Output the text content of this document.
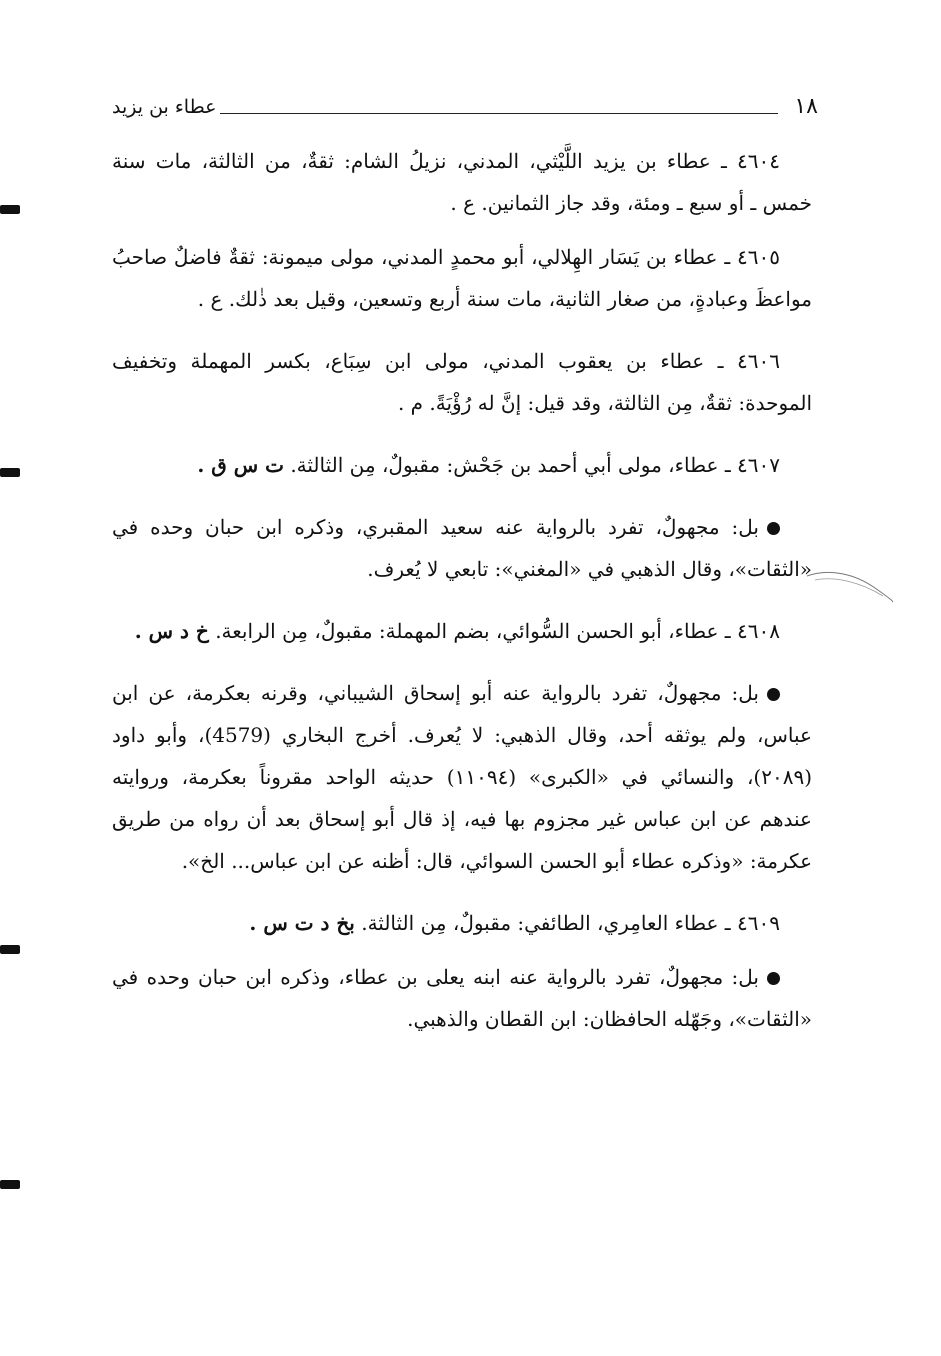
١٨
عطاء بن يزيد

٤٦٠٤ ـ عطاء بن يزيد اللَّيْثي، المدني، نزيلُ الشام: ثقةٌ، من الثالثة، مات سنة خمس ـ أو سبع ـ ومئة، وقد جاز الثمانين. ع .

٤٦٠٥ ـ عطاء بن يَسَار الهِلالي، أبو محمدٍ المدني، مولى ميمونة: ثقةٌ فاضلٌ صاحبُ مواعظَ وعبادةٍ، من صغار الثانية، مات سنة أربع وتسعين، وقيل بعد ذٰلك. ع .

٤٦٠٦ ـ عطاء بن يعقوب المدني، مولى ابن سِبَاع، بكسر المهملة وتخفيف الموحدة: ثقةٌ، مِن الثالثة، وقد قيل: إنَّ له رُؤْيَةً. م .

٤٦٠٧ ـ عطاء، مولى أبي أحمد بن جَحْش: مقبولٌ، مِن الثالثة. ت س ق .

بل: مجهولٌ، تفرد بالرواية عنه سعيد المقبري، وذكره ابن حبان وحده في «الثقات»، وقال الذهبي في «المغني»: تابعي لا يُعرف.

٤٦٠٨ ـ عطاء، أبو الحسن السُّوائي، بضم المهملة: مقبولٌ، مِن الرابعة. خ د س .

بل: مجهولٌ، تفرد بالرواية عنه أبو إسحاق الشيباني، وقرنه بعكرمة، عن ابن عباس، ولم يوثقه أحد، وقال الذهبي: لا يُعرف. أخرج البخاري (4579)، وأبو داود (٢٠٨٩)، والنسائي في «الكبرى» (١١٠٩٤) حديثه الواحد مقروناً بعكرمة، وروايته عندهم عن ابن عباس غير مجزوم بها فيه، إذ قال أبو إسحاق بعد أن رواه من طريق عكرمة: «وذكره عطاء أبو الحسن السوائي، قال: أظنه عن ابن عباس... الخ».

٤٦٠٩ ـ عطاء العامِري، الطائفي: مقبولٌ، مِن الثالثة. بخ د ت س .

بل: مجهولٌ، تفرد بالرواية عنه ابنه يعلى بن عطاء، وذكره ابن حبان وحده في «الثقات»، وجَهّله الحافظان: ابن القطان والذهبي.
